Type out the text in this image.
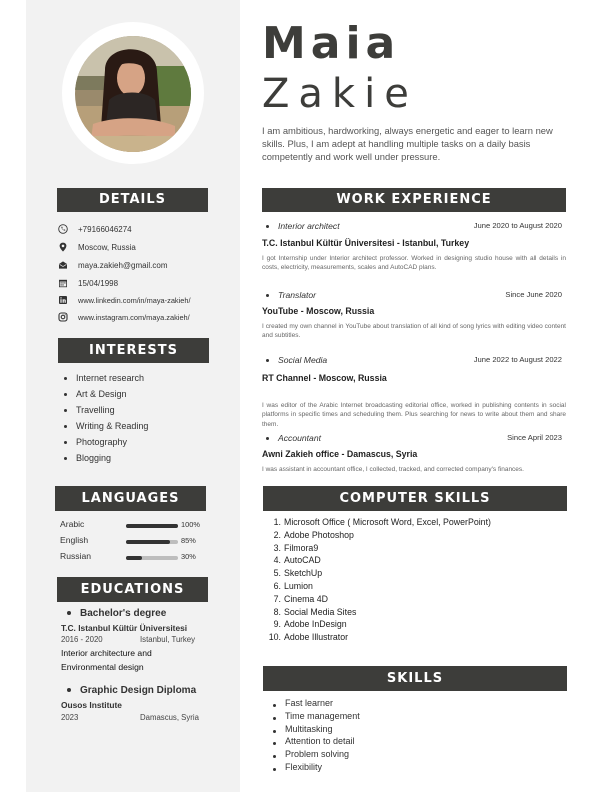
Maia
Zakie
I am ambitious, hardworking, always energetic and eager to learn new skills. Plus, I am adept at handling multiple tasks on a daily basis competently and work well under pressure.
DETAILS
+79166046274
Moscow, Russia
maya.zakieh@gmail.com
15/04/1998
www.linkedin.com/in/maya-zakieh/
www.instagram.com/maya.zakieh/
INTERESTS
Internet research
Art & Design
Travelling
Writing & Reading
Photography
Blogging
LANGUAGES
Arabic	100%
English	85%
Russian	30%
EDUCATIONS
Bachelor's degree
T.C. Istanbul Kültür Üniversitesi
2016 - 2020	Istanbul, Turkey
Interior architecture and Environmental design
Graphic Design Diploma
Ousos Institute
2023	Damascus, Syria
WORK EXPERIENCE
Interior architect	June 2020 to August 2020
T.C. Istanbul Kültür Üniversitesi - Istanbul, Turkey
I got Internship under Interior architect professor. Worked in designing studio house with all details in costs, electricity, measurements, scales and AutoCAD plans.
Translator	Since June 2020
YouTube - Moscow, Russia
I created my own channel in YouTube about translation of all kind of song lyrics with editing video content and subtitles.
Social Media	June 2022 to August 2022
RT Channel - Moscow, Russia
I was editor of the Arabic Internet broadcasting editorial office, worked in publishing contents in social platforms in specific times and scheduling them. Plus searching for news to write about them and share them.
Accountant	Since April 2023
Awni Zakieh office - Damascus, Syria
I was assistant in accountant office, I collected, tracked, and corrected company's finances.
COMPUTER SKILLS
1. Microsoft Office ( Microsoft Word, Excel, PowerPoint)
2. Adobe Photoshop
3. Filmora9
4. AutoCAD
5. SketchUp
6. Lumion
7. Cinema 4D
8. Social Media Sites
9. Adobe InDesign
10. Adobe Illustrator
SKILLS
Fast learner
Time management
Multitasking
Attention to detail
Problem solving
Flexibility
